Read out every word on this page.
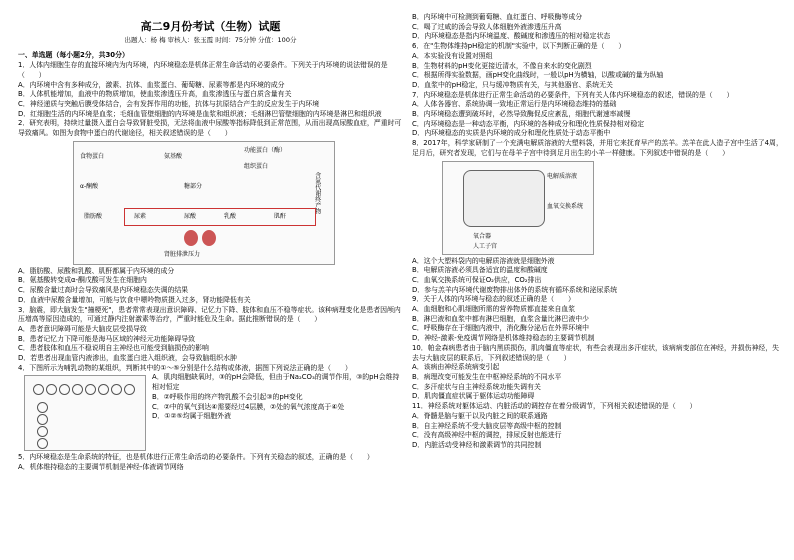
高二9月份考试（生物）试题
出题人：杨 梅 审核人：张玉霞 时间：75分钟 分值：100分

一、单选题（每小题2分，共30分）

1．人体内细胞生存的直接环境内为内环境，内环境稳态是机体正常生命活动的必要条件。下列关于内环境的说法错误的是（　　）

A．内环境中含有多种成分，激素、抗体、血浆蛋白、葡萄糖、尿素等都是内环境的成分

B．人体机能增加，血液中的物质增加，使血浆渗透压升高，血浆渗透压与蛋白质含量有关

C．神经递质与突触后膜受体结合，会有发挥作用的功能，抗体与抗原结合产生的反应发生于内环境

D．红细胞生活的内环境是血浆；毛细血管壁细胞的内环境是血浆和组织液；毛细淋巴管壁细胞的内环境是淋巴和组织液

2．研究表明，持续过量摄入蛋白会导致肾脏受损，无法将血液中尿酸等指标降低到正常范围，从而出现高尿酸血症，严重时可导致痛风。如图为食物中蛋白的代谢途径，相关叙述错误的是（　　）

食物蛋白	氨基酸
功能蛋白（酶）
组织蛋白
α-酮酸	糖部分
脂肪酸	尿素	尿酸	乳酸	肌酐
肾脏排泄压力
含氮代谢终产物

A．脂肪酸、尿酸和乳酸、肌酐都属于内环境的成分

B．氨基酸转变成α-酮戊酸可发生在细胞内

C．尿酸含量过高时会导致痛风是内环境稳态失调的结果

D．血液中尿酸含量增加，可能与饮食中嘌呤物质摄入过多，肾功能降低有关

3．脑震，即大脑发生"撞梗死"，患者常常表现出意识障碍、记忆力下降、肢体和血压不稳等症状。该种病理变化是患者因颅内压增高等原因造成的，可通过静内注射激素等治疗，严重时能危及生命。据此推断错误的是（　　）

A．患者意识障碍可能是大脑皮层受损导致

B．患者记忆力下降可能是海马区域的神经元功能障碍导致

C．患者肢体和血压不稳说明自主神经也可能受到脑损伤的影响

D．若患者出现血管内液渗出，血浆蛋白进入组织液，会导致脑组织水肿

4．下图所示为哺乳动物的某组织，判断其中的①～⑤分别是什么结构或体液，据图下列说法正确的是（　　）

A．肌肉细胞缺氧时，③的pH会降低，但由于Na₂CO₃的调节作用，③的pH会维持相对恒定

B．②呼吸作用的终产物乳酸不会引起③的pH变化

C．②中的氧气到达④需要经过4层膜，②处的氧气浓度高于④处

D．①②⑤均属于细胞外液

5．内环境稳态是生命系统的特征，也是机体进行正常生命活动的必要条件。下列有关稳态的叙述，正确的是（　　）

A．机体维持稳态的主要调节机制是神经-体液调节网络

B．内环境中可检测到葡萄糖、血红蛋白、呼吸酶等成分

C．喝了过咸的汤会导致人体细胞外液渗透压升高

D．内环境稳态是指内环境温度、酸碱度和渗透压的相对稳定状态

6．在"生物体维持pH稳定的机制"实验中，以下判断正确的是（　　）

A．本实验没有设置对照组

B．生物材料的pH变化更接近清水，不像自来水的变化剧烈

C．根据所得实验数据，画pH变化曲线时，一般以pH为横轴，以酸或碱的量为纵轴

D．血浆中的pH稳定，只与缓冲物质有关，与其他器官、系统无关

7．内环境稳态是机体进行正常生命活动的必要条件，下列有关人体内环境稳态的叙述，错误的是（　　）

A．人体各器官、系统协调一致地正常运行是内环境稳态维持的基础

B．内环境稳态遭到破坏时，必然导致酶促反应紊乱，细胞代谢速率减慢

C．内环境稳态是一种动态平衡，内环境的各种成分和理化性质保持相对稳定

D．内环境稳态的实质是内环境的成分和理化性质处于动态平衡中

8．2017年，科学家研制了一个充满电解质溶液的大塑料袋，并用它来抚育早产的羔羊。羔羊在此人造子宫中生活了4周，足月后，研究者发现，它们与在母羊子宫中待到足月出生的小羊一样健康。下列叙述中错误的是（　　）

电解质溶液
血氧交换系统
氧合器
人工子宫

A．这个大塑料袋内的电解质溶液就是细胞外液

B．电解质溶液必须具备适宜的温度和酸碱度

C．血氧交换系统可保证O₂供应，CO₂排出

D．参与羔羊内环境代谢废物排出体外的系统有循环系统和泌尿系统

9．关于人体的内环境与稳态的叙述正确的是（　　）

A．血细胞和心肌细胞所需的营养物质都直接来自血浆

B．淋巴液和血浆中都有淋巴细胞，血浆含量比淋巴液中少

C．呼吸酶存在于细胞内液中，消化酶分泌后在外界环境中

D．神经-激素-免疫调节网络是机体维持稳态的主要调节机制

10．帕金森病患者由于脑内黑质损伤，肌肉僵直等症状，有些会表现出多汗症状，该病病变部位在神经，并损伤神经，失去与大脑皮层的联系后，下列叙述错误的是（　　）

A．该病由神经系统病变引起

B．病理改变可能发生在中枢神经系统的不同水平

C．多汗症状与自主神经系统功能失调有关

D．肌肉僵直症状属于躯体运动功能障碍

11．神经系统对躯体运动、内脏活动的调控存在着分级调节，下列相关叙述错误的是（　　）

A．脊髓是脑与躯干以及内脏之间的联系通路

B．自主神经系统不受大脑皮层等高级中枢的控制

C．没有高级神经中枢的调控，排尿反射也能进行

D．内脏活动受神经和激素调节的共同控制
